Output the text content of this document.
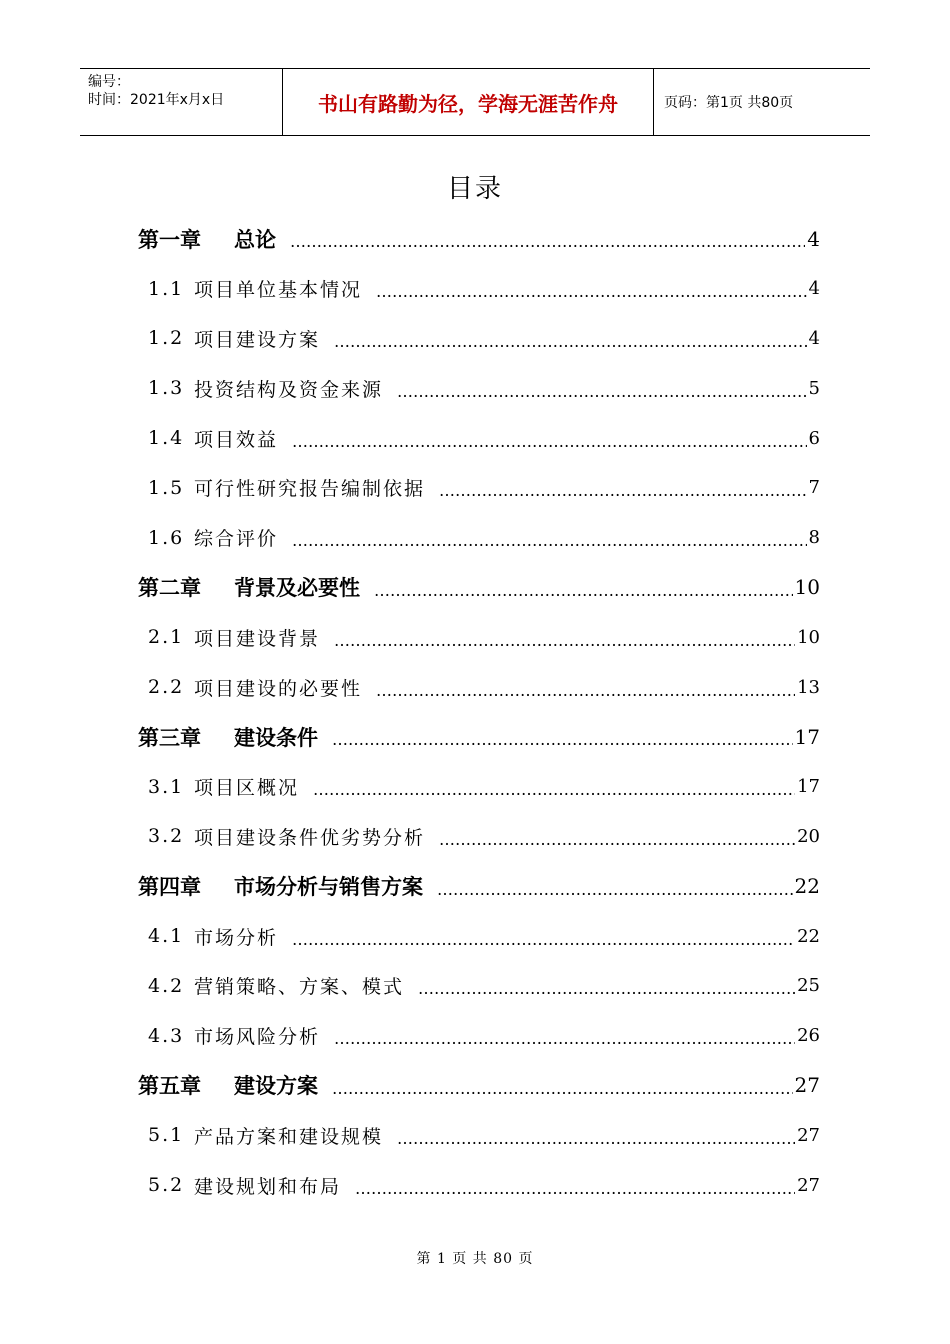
编号：
时间：2021年x月x日	书山有路勤为径，学海无涯苦作舟	页码：第1页 共80页
目录
第一章	总论 …………………………………………………………………………………………………………………………………………………………………………………	4
1.1 项目单位基本情况 …………………………………………………………………………………………………………………………………………………………………………………	4
1.2 项目建设方案 …………………………………………………………………………………………………………………………………………………………………………………	4
1.3 投资结构及资金来源 …………………………………………………………………………………………………………………………………………………………………………………	5
1.4 项目效益 …………………………………………………………………………………………………………………………………………………………………………………	6
1.5 可行性研究报告编制依据 …………………………………………………………………………………………………………………………………………………………………………………	7
1.6 综合评价 …………………………………………………………………………………………………………………………………………………………………………………	8
第二章	背景及必要性 …………………………………………………………………………………………………………………………………………………………………………………	10
2.1 项目建设背景 …………………………………………………………………………………………………………………………………………………………………………………	10
2.2 项目建设的必要性 …………………………………………………………………………………………………………………………………………………………………………………	13
第三章	建设条件 …………………………………………………………………………………………………………………………………………………………………………………	17
3.1 项目区概况 …………………………………………………………………………………………………………………………………………………………………………………	17
3.2 项目建设条件优劣势分析 …………………………………………………………………………………………………………………………………………………………………………………	20
第四章	市场分析与销售方案 …………………………………………………………………………………………………………………………………………………………………………………	22
4.1 市场分析 …………………………………………………………………………………………………………………………………………………………………………………	22
4.2 营销策略、方案、模式 …………………………………………………………………………………………………………………………………………………………………………………	25
4.3 市场风险分析 …………………………………………………………………………………………………………………………………………………………………………………	26
第五章	建设方案 …………………………………………………………………………………………………………………………………………………………………………………	27
5.1 产品方案和建设规模 …………………………………………………………………………………………………………………………………………………………………………………	27
5.2 建设规划和布局 …………………………………………………………………………………………………………………………………………………………………………………	27
第 1 页 共 80 页
